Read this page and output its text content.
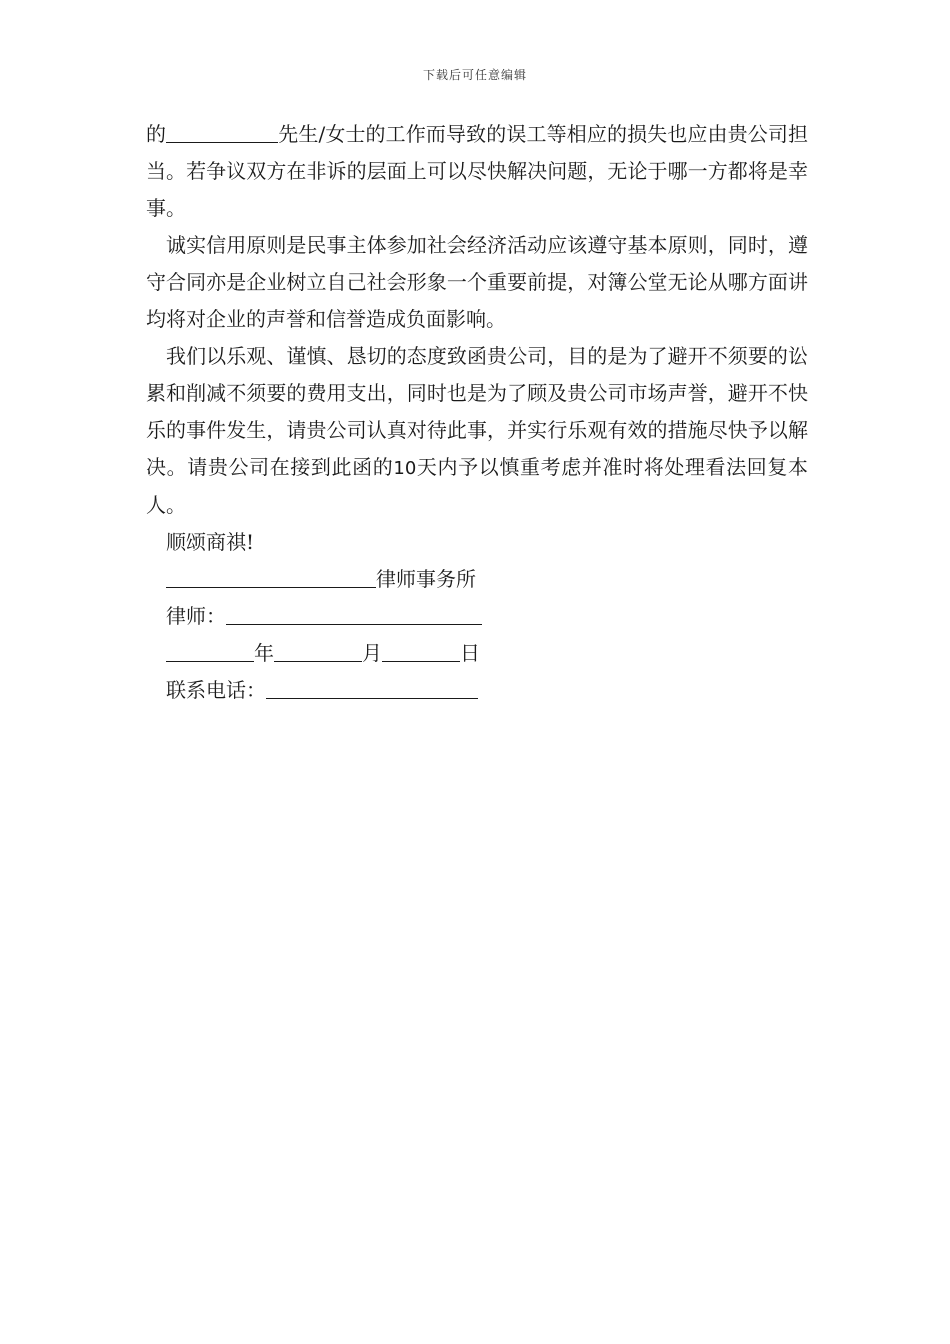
下载后可任意编辑

的	先生/女士的工作而导致的误工等相应的损失也应由贵公司担当。若争议双方在非诉的层面上可以尽快解决问题，无论于哪一方都将是幸事。

诚实信用原则是民事主体参加社会经济活动应该遵守基本原则，同时，遵守合同亦是企业树立自己社会形象一个重要前提，对簿公堂无论从哪方面讲均将对企业的声誉和信誉造成负面影响。

我们以乐观、谨慎、恳切的态度致函贵公司，目的是为了避开不须要的讼累和削减不须要的费用支出，同时也是为了顾及贵公司市场声誉，避开不快乐的事件发生，请贵公司认真对待此事，并实行乐观有效的措施尽快予以解决。请贵公司在接到此函的10天内予以慎重考虑并准时将处理看法回复本人。

顺颂商祺!

律师事务所

律师：

年	月	日

联系电话：
